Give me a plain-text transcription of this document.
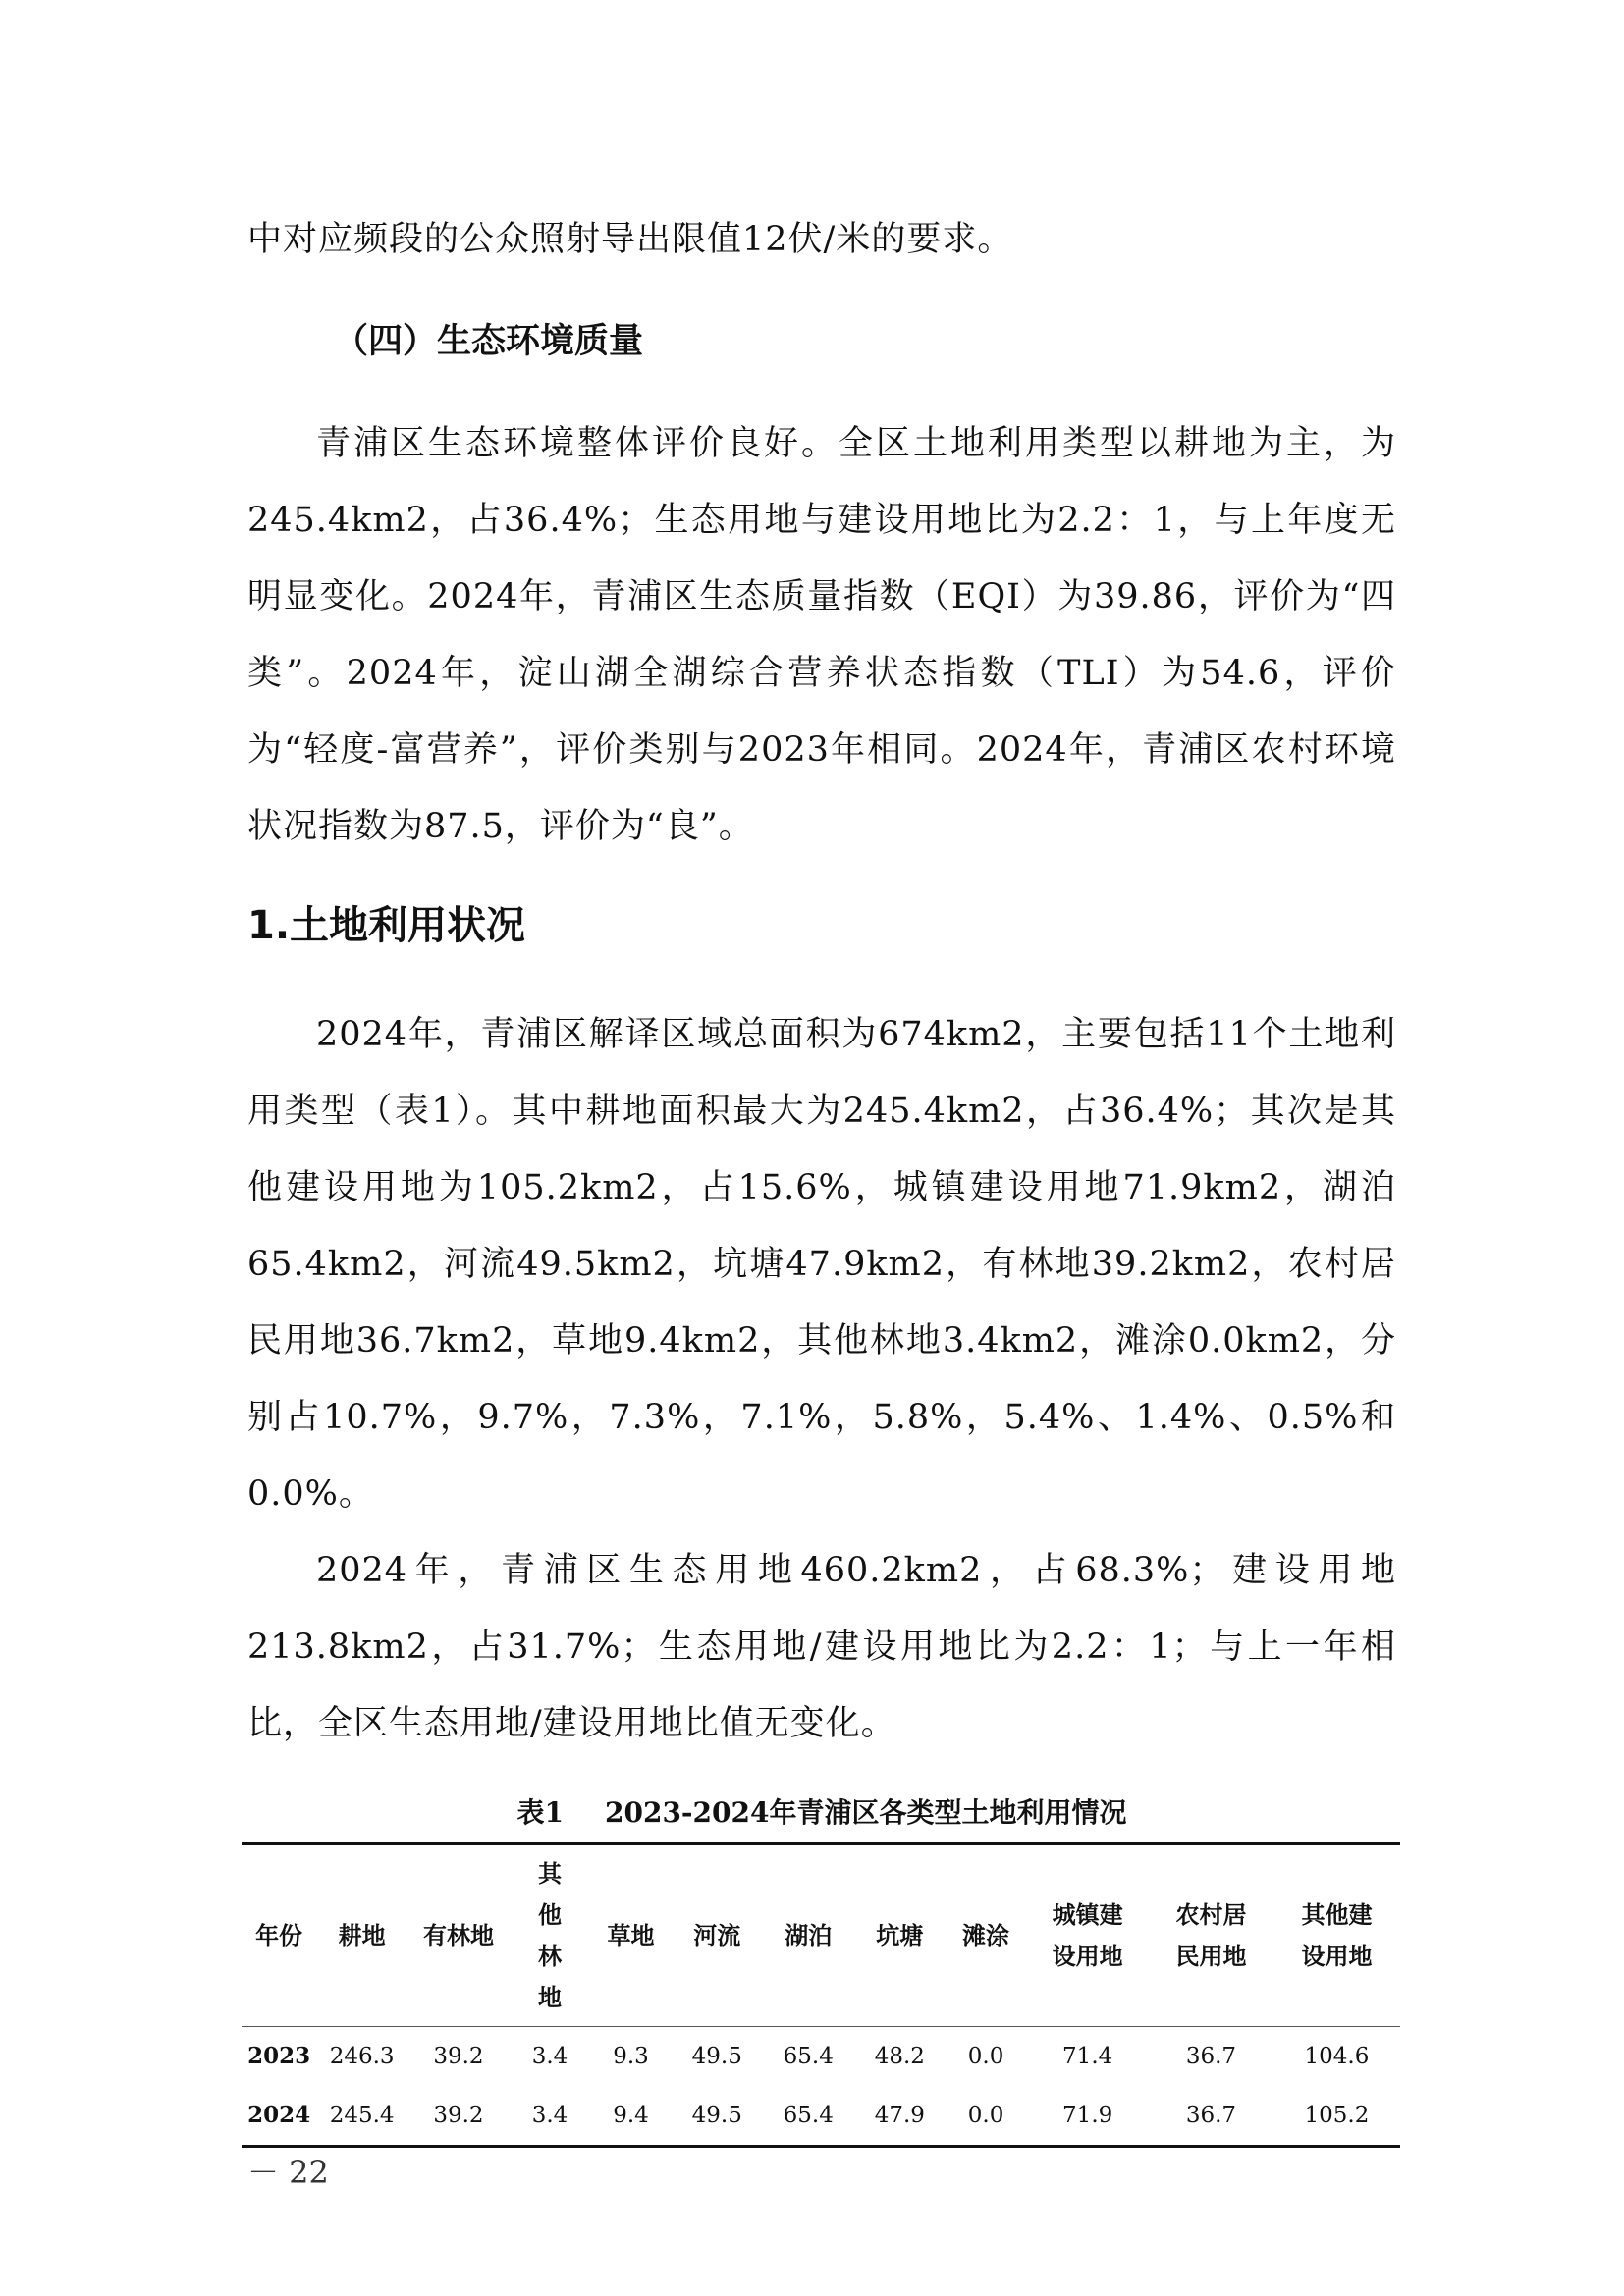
中对应频段的公众照射导出限值12伏/米的要求。

（四）生态环境质量

青浦区生态环境整体评价良好。全区土地利用类型以耕地为主，为245.4km2，占36.4%；生态用地与建设用地比为2.2：1，与上年度无明显变化。2024年，青浦区生态质量指数（EQI）为39.86，评价为“四类”。2024年，淀山湖全湖综合营养状态指数（TLI）为54.6，评价为“轻度-富营养”，评价类别与2023年相同。2024年，青浦区农村环境状况指数为87.5，评价为“良”。

1.土地利用状况

2024年，青浦区解译区域总面积为674km2，主要包括11个土地利用类型（表1）。其中耕地面积最大为245.4km2，占36.4%；其次是其他建设用地为105.2km2，占15.6%，城镇建设用地71.9km2，湖泊65.4km2，河流49.5km2，坑塘47.9km2，有林地39.2km2，农村居民用地36.7km2，草地9.4km2，其他林地3.4km2，滩涂0.0km2，分别占10.7%，9.7%，7.3%，7.1%，5.8%，5.4%、1.4%、0.5%和0.0%。

2024年，青浦区生态用地460.2km2，占68.3%；建设用地213.8km2，占31.7%；生态用地/建设用地比为2.2：1；与上一年相比，全区生态用地/建设用地比值无变化。

表1 2023-2024年青浦区各类型土地利用情况
年份	耕地	有林地	其他林地	草地	河流	湖泊	坑塘	滩涂	城镇建设用地	农村居民用地	其他建设用地
2023	246.3	39.2	3.4	9.3	49.5	65.4	48.2	0.0	71.4	36.7	104.6
2024	245.4	39.2	3.4	9.4	49.5	65.4	47.9	0.0	71.9	36.7	105.2
－ 22
